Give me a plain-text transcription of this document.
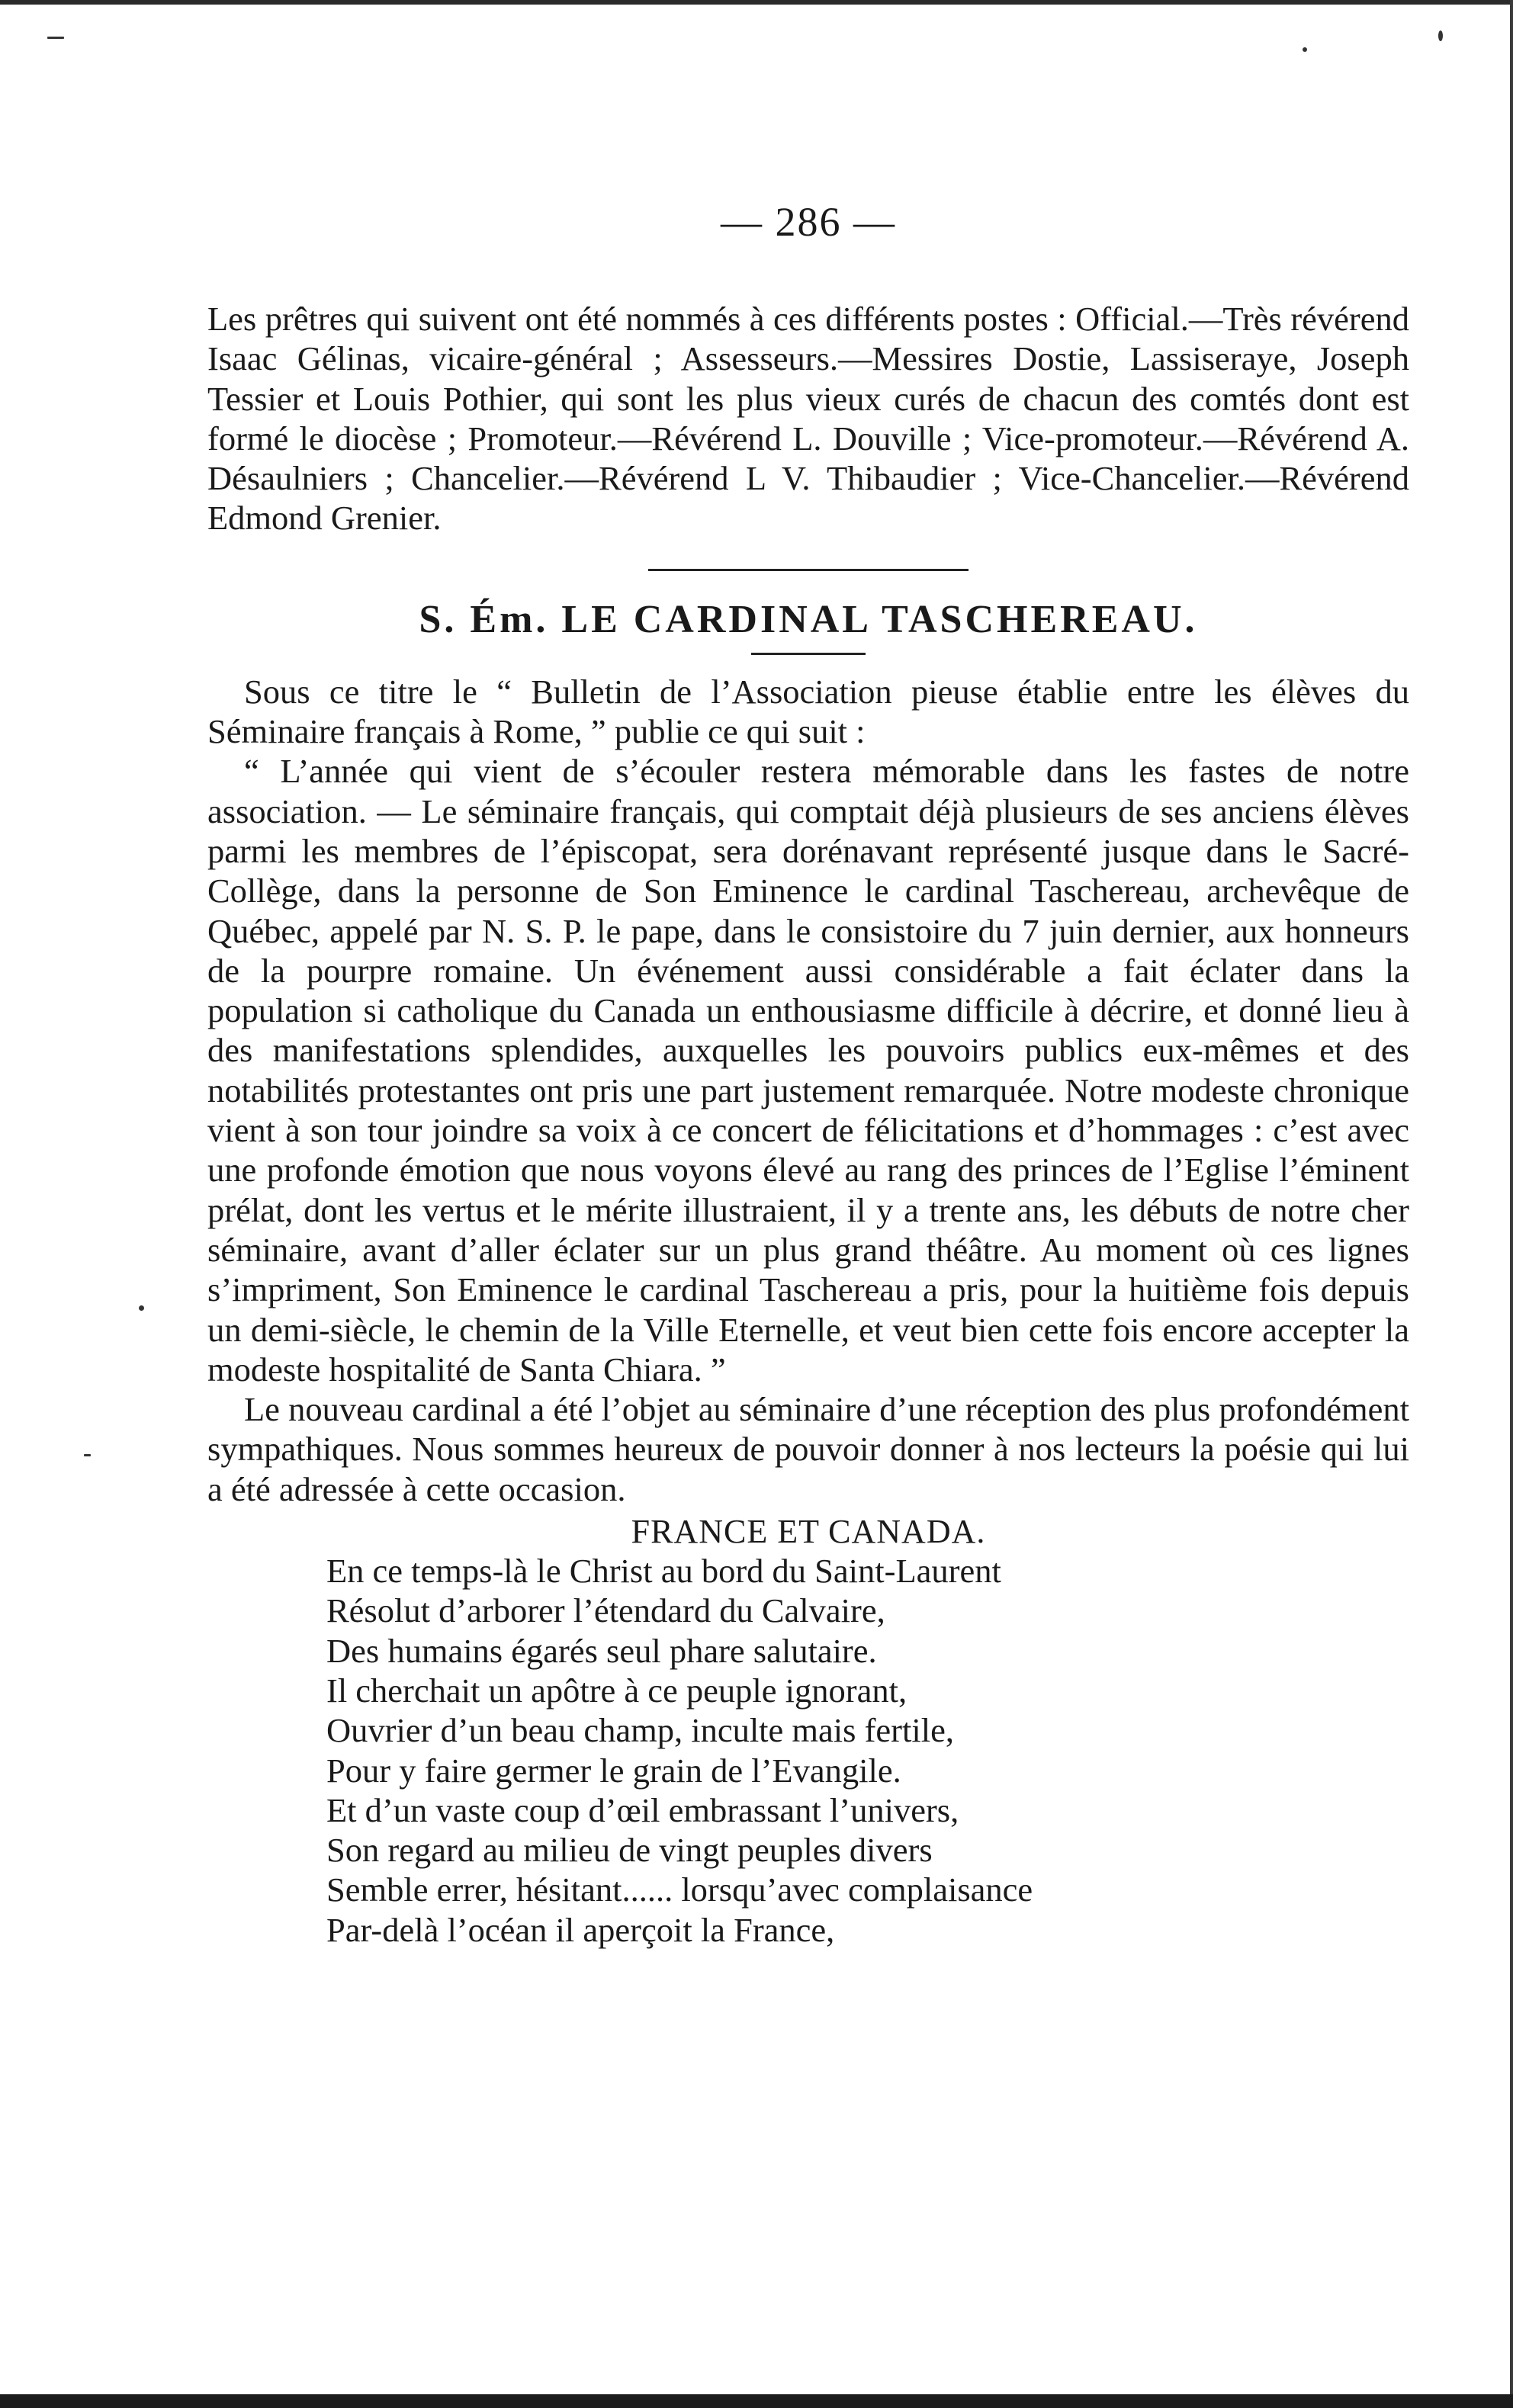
— 286 —

Les prêtres qui suivent ont été nommés à ces différents postes : Official.—Très révérend Isaac Gélinas, vicaire-général ; Assesseurs.—Messires Dostie, Lassiseraye, Joseph Tessier et Louis Pothier, qui sont les plus vieux curés de chacun des comtés dont est formé le diocèse ; Promoteur.—Révérend L. Douville ; Vice-promoteur.—Révérend A. Désaulniers ; Chancelier.—Révérend L V. Thibaudier ; Vice-Chancelier.—Révérend Edmond Grenier.

S. Ém. LE CARDINAL TASCHEREAU.

Sous ce titre le “ Bulletin de l’Association pieuse établie entre les élèves du Séminaire français à Rome, ” publie ce qui suit :

“ L’année qui vient de s’écouler restera mémorable dans les fastes de notre association. — Le séminaire français, qui comptait déjà plusieurs de ses anciens élèves parmi les membres de l’épiscopat, sera dorénavant représenté jusque dans le Sacré-Collège, dans la personne de Son Eminence le cardinal Taschereau, archevêque de Québec, appelé par N. S. P. le pape, dans le consistoire du 7 juin dernier, aux honneurs de la pourpre romaine. Un événement aussi considérable a fait éclater dans la population si catholique du Canada un enthousiasme difficile à décrire, et donné lieu à des manifestations splendides, auxquelles les pouvoirs publics eux-mêmes et des notabilités protestantes ont pris une part justement remarquée. Notre modeste chronique vient à son tour joindre sa voix à ce concert de félicitations et d’hommages : c’est avec une profonde émotion que nous voyons élevé au rang des princes de l’Eglise l’éminent prélat, dont les vertus et le mérite illustraient, il y a trente ans, les débuts de notre cher séminaire, avant d’aller éclater sur un plus grand théâtre. Au moment où ces lignes s’impriment, Son Eminence le cardinal Taschereau a pris, pour la huitième fois depuis un demi-siècle, le chemin de la Ville Eternelle, et veut bien cette fois encore accepter la modeste hospitalité de Santa Chiara. ”

Le nouveau cardinal a été l’objet au séminaire d’une réception des plus profondément sympathiques. Nous sommes heureux de pouvoir donner à nos lecteurs la poésie qui lui a été adressée à cette occasion.

FRANCE ET CANADA.
En ce temps-là le Christ au bord du Saint-Laurent
Résolut d’arborer l’étendard du Calvaire,
Des humains égarés seul phare salutaire.
Il cherchait un apôtre à ce peuple ignorant,
Ouvrier d’un beau champ, inculte mais fertile,
Pour y faire germer le grain de l’Evangile.
Et d’un vaste coup d’œil embrassant l’univers,
Son regard au milieu de vingt peuples divers
Semble errer, hésitant...... lorsqu’avec complaisance
Par-delà l’océan il aperçoit la France,
